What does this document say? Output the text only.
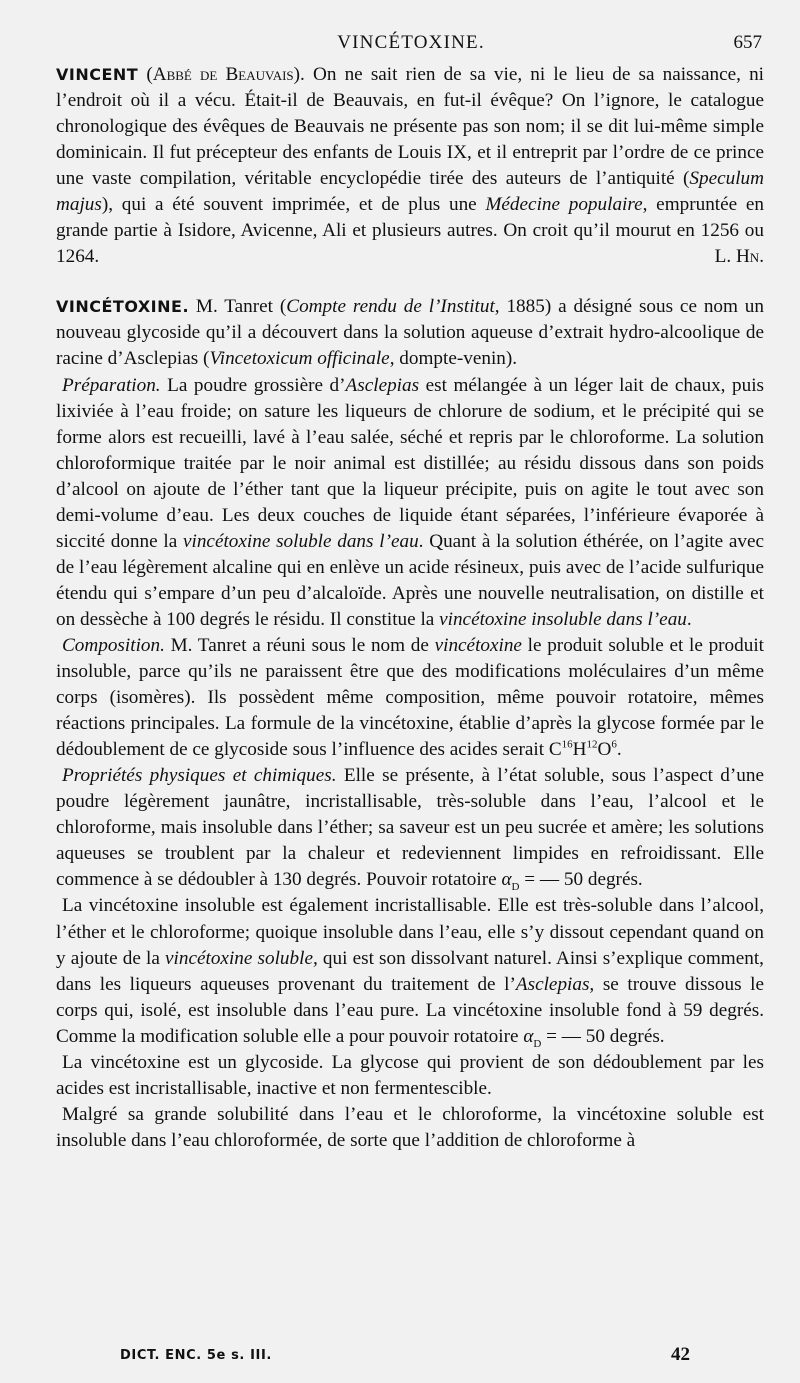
VINCÉTOXINE.	657

VINCENT (Abbé de Beauvais). On ne sait rien de sa vie, ni le lieu de sa naissance, ni l’endroit où il a vécu. Était-il de Beauvais, en fut-il évêque? On l’ignore, le catalogue chronologique des évêques de Beauvais ne présente pas son nom; il se dit lui-même simple dominicain. Il fut précepteur des enfants de Louis IX, et il entreprit par l’ordre de ce prince une vaste compilation, véritable encyclopédie tirée des auteurs de l’antiquité (Speculum majus), qui a été souvent imprimée, et de plus une Médecine populaire, empruntée en grande partie à Isidore, Avicenne, Ali et plusieurs autres. On croit qu’il mourut en 1256 ou 1264.	L. Hn.

VINCÉTOXINE. M. Tanret (Compte rendu de l’Institut, 1885) a désigné sous ce nom un nouveau glycoside qu’il a découvert dans la solution aqueuse d’extrait hydro-alcoolique de racine d’Asclepias (Vincetoxicum officinale, dompte-venin).

Préparation. La poudre grossière d’Asclepias est mélangée à un léger lait de chaux, puis lixiviée à l’eau froide; on sature les liqueurs de chlorure de sodium, et le précipité qui se forme alors est recueilli, lavé à l’eau salée, séché et repris par le chloroforme. La solution chloroformique traitée par le noir animal est distillée; au résidu dissous dans son poids d’alcool on ajoute de l’éther tant que la liqueur précipite, puis on agite le tout avec son demi-volume d’eau. Les deux couches de liquide étant séparées, l’inférieure évaporée à siccité donne la vincétoxine soluble dans l’eau. Quant à la solution éthérée, on l’agite avec de l’eau légèrement alcaline qui en enlève un acide résineux, puis avec de l’acide sulfurique étendu qui s’empare d’un peu d’alcaloïde. Après une nouvelle neutralisation, on distille et on dessèche à 100 degrés le résidu. Il constitue la vincétoxine insoluble dans l’eau.

Composition. M. Tanret a réuni sous le nom de vincétoxine le produit soluble et le produit insoluble, parce qu’ils ne paraissent être que des modifications moléculaires d’un même corps (isomères). Ils possèdent même composition, même pouvoir rotatoire, mêmes réactions principales. La formule de la vincétoxine, établie d’après la glycose formée par le dédoublement de ce glycoside sous l’influence des acides serait $C^{16}H^{12}O^6$.

Propriétés physiques et chimiques. Elle se présente, à l’état soluble, sous l’aspect d’une poudre légèrement jaunâtre, incristallisable, très-soluble dans l’eau, l’alcool et le chloroforme, mais insoluble dans l’éther; sa saveur est un peu sucrée et amère; les solutions aqueuses se troublent par la chaleur et redeviennent limpides en refroidissant. Elle commence à se dédoubler à 130 degrés. Pouvoir rotatoire $\alpha_D$ = — 50 degrés.

La vincétoxine insoluble est également incristallisable. Elle est très-soluble dans l’alcool, l’éther et le chloroforme; quoique insoluble dans l’eau, elle s’y dissout cependant quand on y ajoute de la vincétoxine soluble, qui est son dissolvant naturel. Ainsi s’explique comment, dans les liqueurs aqueuses provenant du traitement de l’Asclepias, se trouve dissous le corps qui, isolé, est insoluble dans l’eau pure. La vincétoxine insoluble fond à 59 degrés. Comme la modification soluble elle a pour pouvoir rotatoire $\alpha_D$ = — 50 degrés.

La vincétoxine est un glycoside. La glycose qui provient de son dédoublement par les acides est incristallisable, inactive et non fermentescible.

Malgré sa grande solubilité dans l’eau et le chloroforme, la vincétoxine soluble est insoluble dans l’eau chloroformée, de sorte que l’addition de chloroforme à

DICT. ENC. 5e s. III.	42
